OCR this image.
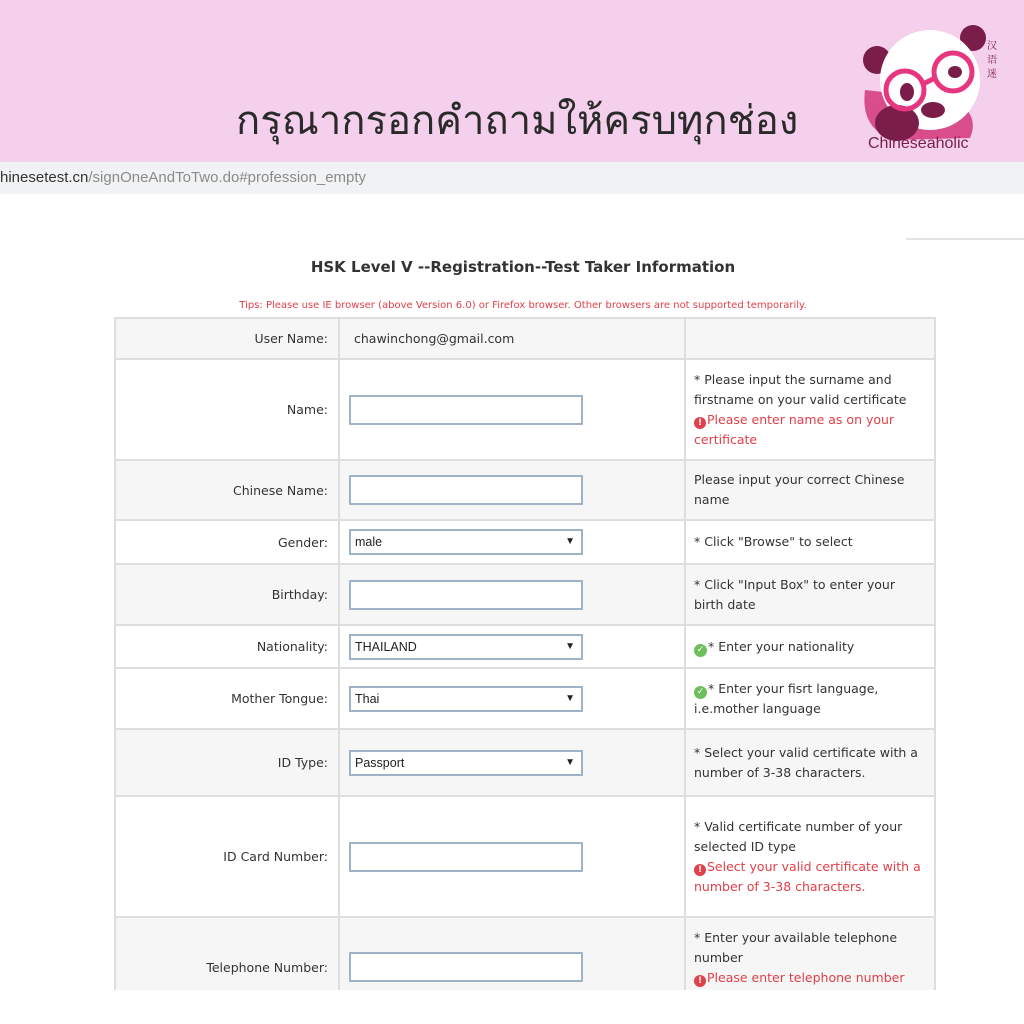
กรุณากรอกคำถามให้ครบทุกช่อง
汉
语
迷
Chineseaholic
hinesetest.cn/signOneAndToTwo.do#profession_empty
HSK Level V --Registration--Test Taker Information
Tips: Please use IE browser (above Version 6.0) or Firefox browser. Other browsers are not supported temporarily.
User Name:	chawinchong@gmail.com	
Name:		* Please input the surname and firstname on your valid certificate
! Please enter name as on your certificate

Chinese Name:		Please input your correct Chinese name
Gender:	male ▼	* Click "Browse" to select
Birthday:		* Click "Input Box" to enter your birth date
Nationality:	THAILAND ▼	✓ * Enter your nationality
Mother Tongue:	Thai ▼	✓ * Enter your fisrt language, i.e.mother language
ID Type:	Passport ▼	* Select your valid certificate with a number of 3-38 characters.
ID Card Number:		* Valid certificate number of your selected ID type
! Select your valid certificate with a number of 3-38 characters.

Telephone Number:		* Enter your available telephone number
! Please enter telephone number
